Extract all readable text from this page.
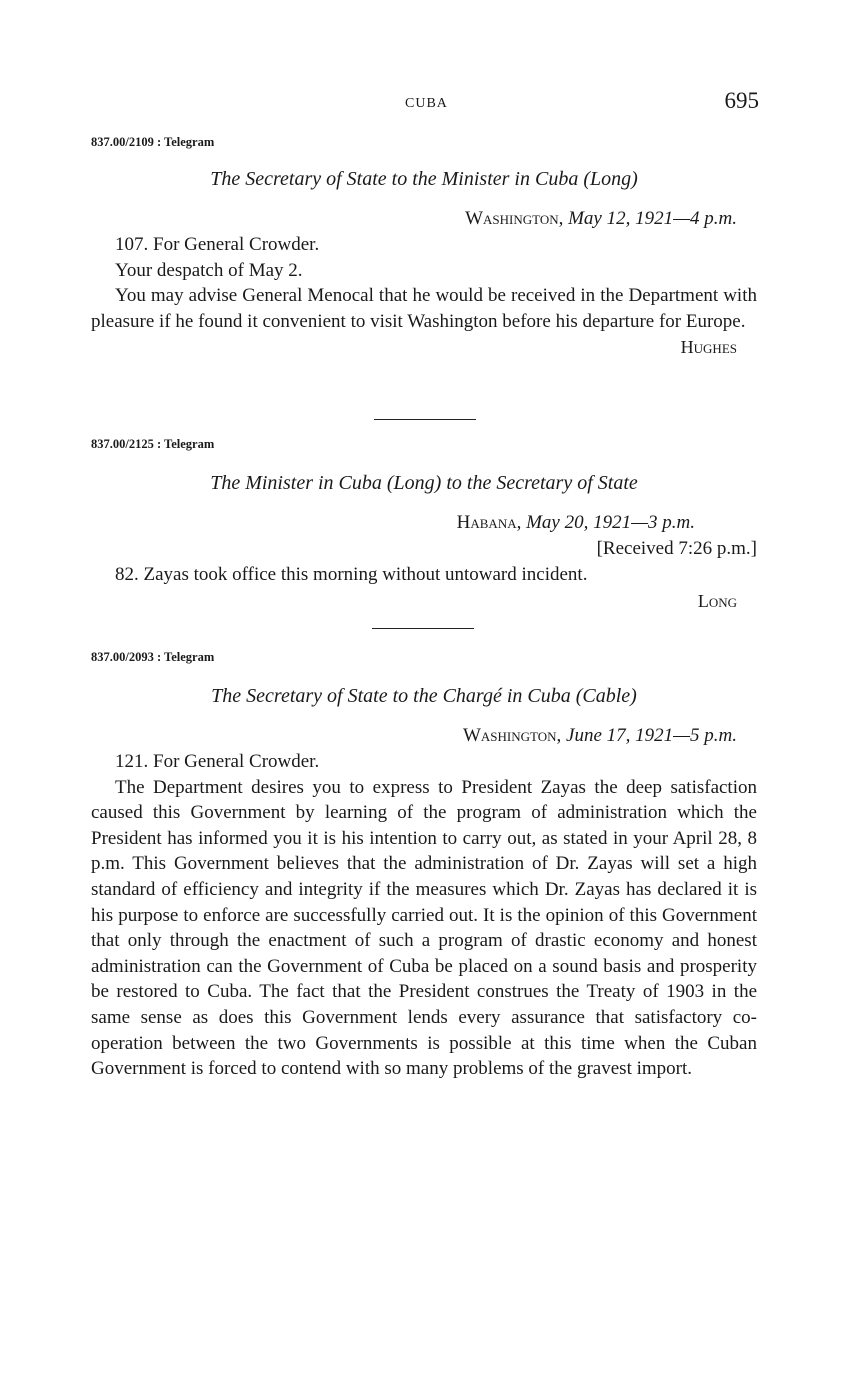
CUBA	695

837.00/2109 : Telegram

The Secretary of State to the Minister in Cuba (Long)

Washington, May 12, 1921—4 p.m.

107. For General Crowder.

Your despatch of May 2.

You may advise General Menocal that he would be received in the Department with pleasure if he found it convenient to visit Washington before his departure for Europe.

Hughes

837.00/2125 : Telegram

The Minister in Cuba (Long) to the Secretary of State

Habana, May 20, 1921—3 p.m.

[Received 7:26 p.m.]

82. Zayas took office this morning without untoward incident.

Long

837.00/2093 : Telegram

The Secretary of State to the Chargé in Cuba (Cable)

Washington, June 17, 1921—5 p.m.

121. For General Crowder.

The Department desires you to express to President Zayas the deep satisfaction caused this Government by learning of the program of administration which the President has informed you it is his intention to carry out, as stated in your April 28, 8 p.m. This Government believes that the administration of Dr. Zayas will set a high standard of efficiency and integrity if the measures which Dr. Zayas has declared it is his purpose to enforce are successfully carried out. It is the opinion of this Government that only through the enactment of such a program of drastic economy and honest administration can the Government of Cuba be placed on a sound basis and prosperity be restored to Cuba. The fact that the President construes the Treaty of 1903 in the same sense as does this Government lends every assurance that satisfactory co-operation between the two Governments is possible at this time when the Cuban Government is forced to contend with so many problems of the gravest import.
